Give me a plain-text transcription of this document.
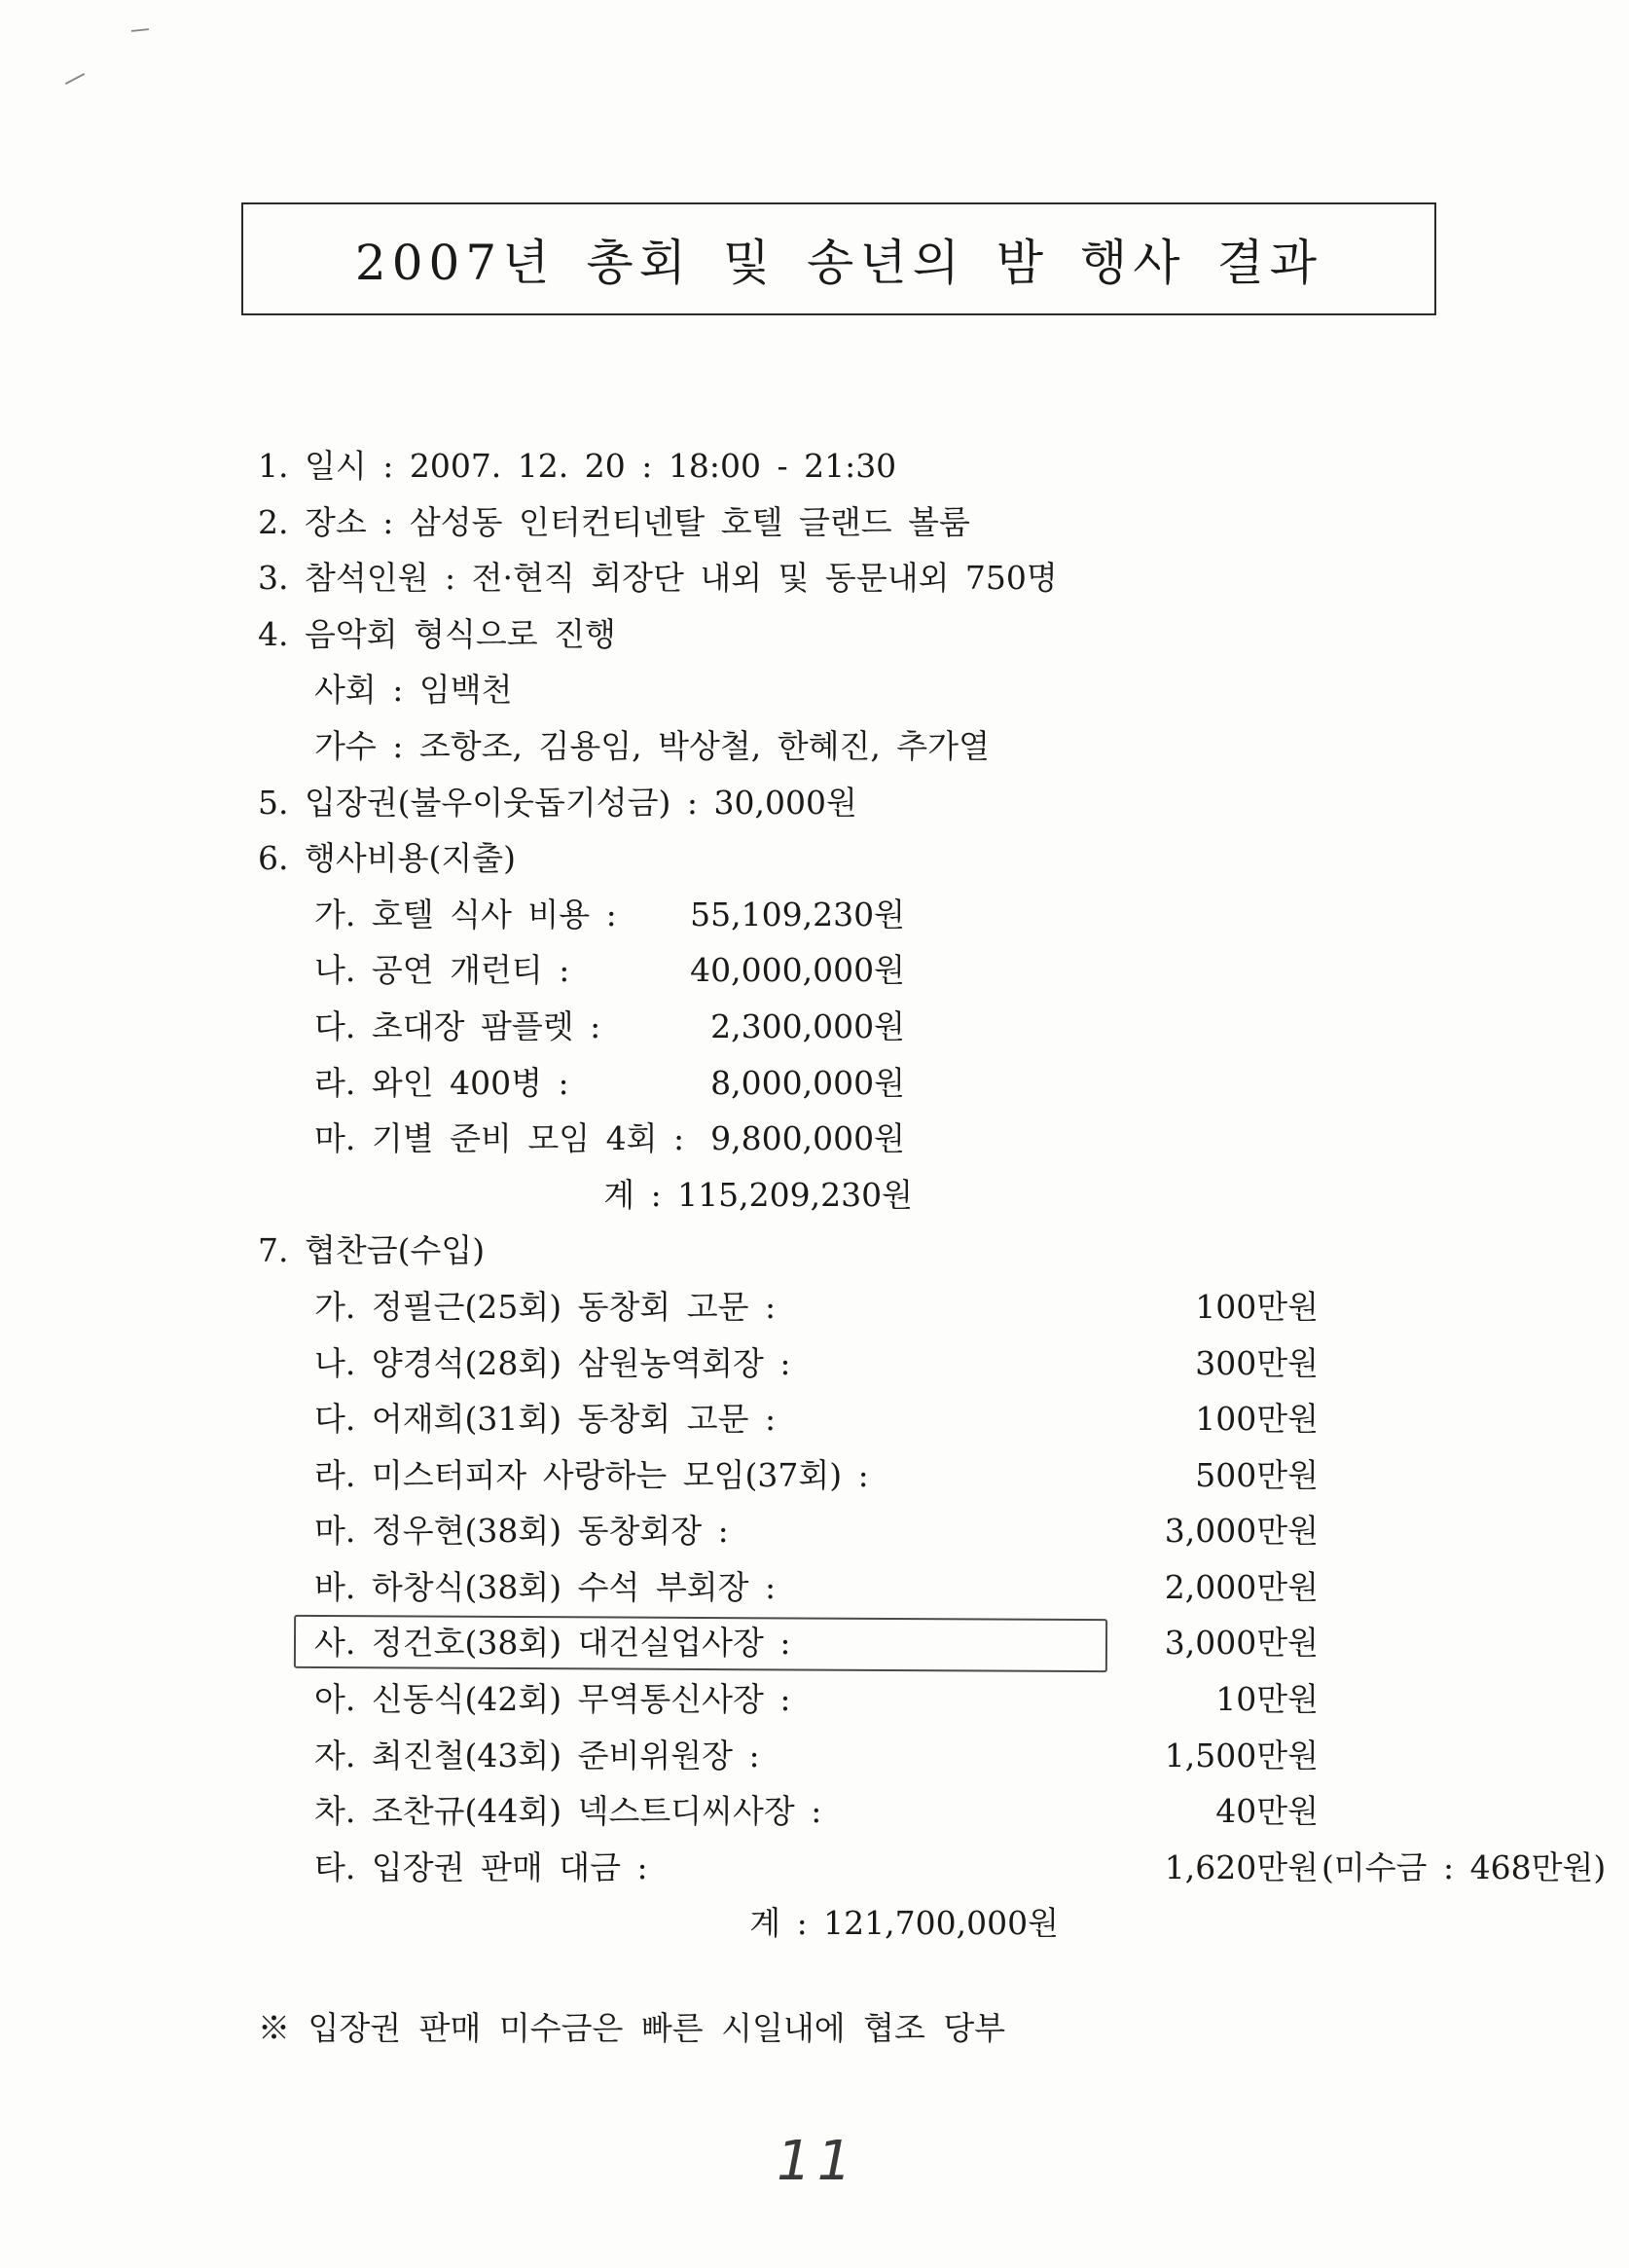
2007년 총회 및 송년의 밤 행사 결과
1. 일시 : 2007. 12. 20 : 18:00 - 21:30
2. 장소 : 삼성동 인터컨티넨탈 호텔 글랜드 볼룸
3. 참석인원 : 전·현직 회장단 내외 및 동문내외 750명
4. 음악회 형식으로 진행
사회 : 임백천
가수 : 조항조, 김용임, 박상철, 한혜진, 추가열
5. 입장권(불우이웃돕기성금) : 30,000원
6. 행사비용(지출)
가. 호텔 식사 비용 :	55,109,230원
나. 공연 개런티 :	40,000,000원
다. 초대장 팜플렛 :	2,300,000원
라. 와인 400병 :	8,000,000원
마. 기별 준비 모임 4회 : 9,800,000원
계 : 115,209,230원
7. 협찬금(수입)
가. 정필근(25회) 동창회 고문 :	100만원
나. 양경석(28회) 삼원농역회장 :	300만원
다. 어재희(31회) 동창회 고문 :	100만원
라. 미스터피자 사랑하는 모임(37회) :	500만원
마. 정우현(38회) 동창회장 :	3,000만원
바. 하창식(38회) 수석 부회장 :	2,000만원
사. 정건호(38회) 대건실업사장 :	3,000만원
아. 신동식(42회) 무역통신사장 :	10만원
자. 최진철(43회) 준비위원장 :	1,500만원
차. 조찬규(44회) 넥스트디씨사장 :	40만원
타. 입장권 판매 대금 :	1,620만원 (미수금 : 468만원)
계 : 121,700,000원
※ 입장권 판매 미수금은 빠른 시일내에 협조 당부
11
